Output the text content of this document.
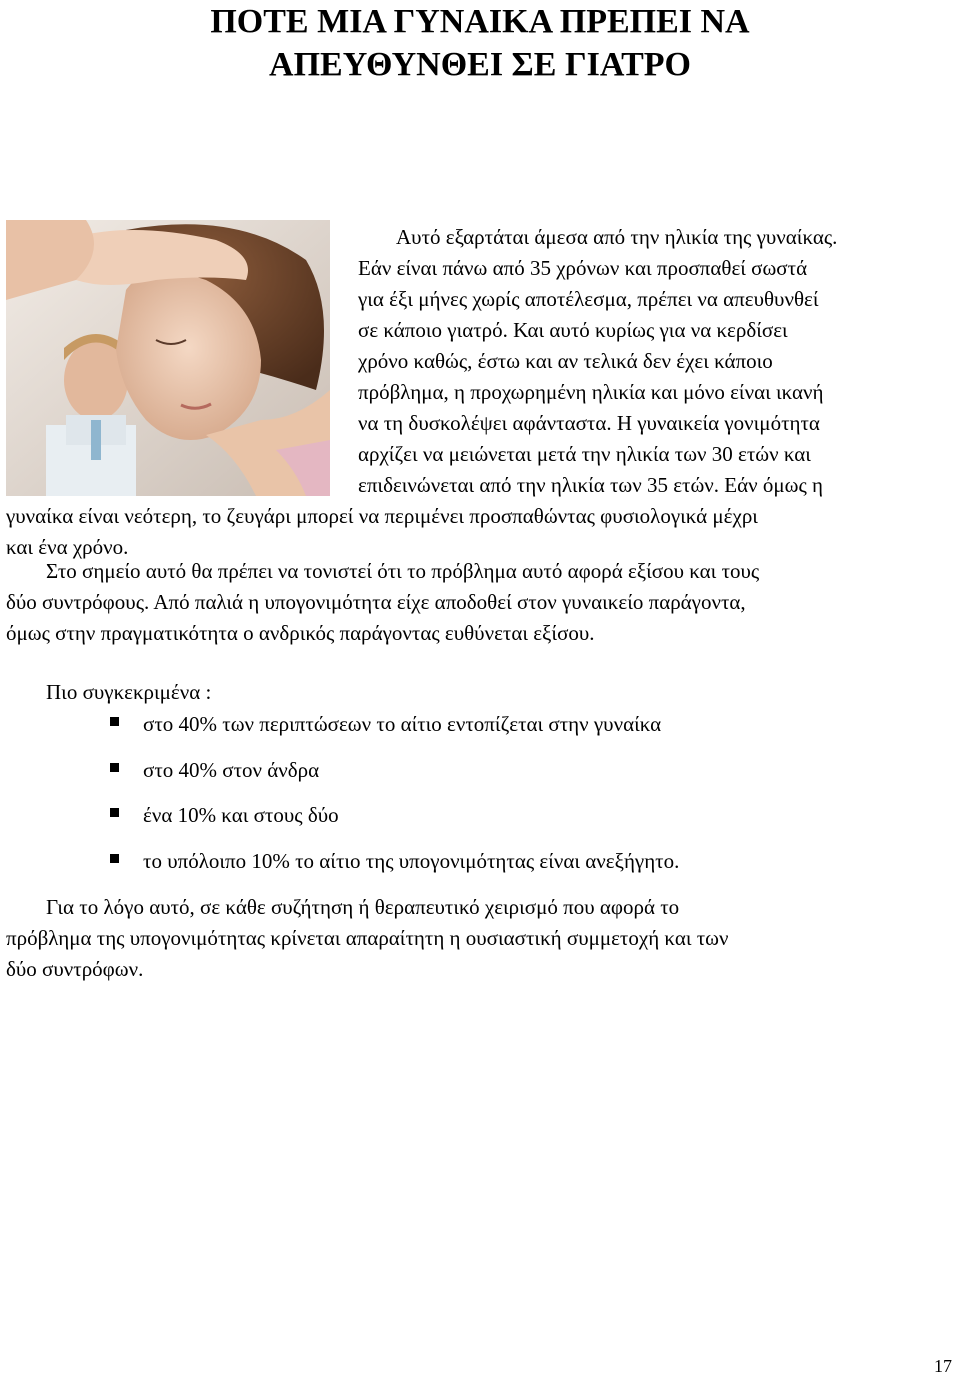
ΠΟΤΕ ΜΙΑ ΓΥΝΑΙΚΑ ΠΡΕΠΕΙ ΝΑ
ΑΠΕΥΘΥΝΘΕΙ ΣΕ ΓΙΑΤΡΟ
Αυτό εξαρτάται άμεσα από την ηλικία της γυναίκας.
Εάν είναι πάνω από 35 χρόνων και προσπαθεί σωστά
για έξι μήνες χωρίς αποτέλεσμα, πρέπει να απευθυνθεί
σε κάποιο γιατρό. Και αυτό κυρίως για να κερδίσει
χρόνο καθώς, έστω και αν τελικά δεν έχει κάποιο
πρόβλημα, η προχωρημένη ηλικία και μόνο είναι ικανή
να τη δυσκολέψει αφάνταστα. Η γυναικεία γονιμότητα
αρχίζει να μειώνεται μετά την ηλικία των 30 ετών και
επιδεινώνεται από την ηλικία των 35 ετών. Εάν όμως η
γυναίκα είναι νεότερη, το ζευγάρι μπορεί να περιμένει προσπαθώντας φυσιολογικά μέχρι
και ένα χρόνο.
Στο σημείο αυτό θα πρέπει να τονιστεί ότι το πρόβλημα αυτό αφορά εξίσου και τους
δύο συντρόφους. Από παλιά η υπογονιμότητα είχε αποδοθεί στον γυναικείο παράγοντα,
όμως στην πραγματικότητα ο ανδρικός παράγοντας ευθύνεται εξίσου.
Πιο συγκεκριμένα :
στο 40% των περιπτώσεων το αίτιο εντοπίζεται στην γυναίκα
στο 40% στον άνδρα
ένα 10% και στους δύο
το υπόλοιπο 10% το αίτιο της υπογονιμότητας είναι ανεξήγητο.
Για το λόγο αυτό, σε κάθε συζήτηση ή θεραπευτικό χειρισμό που αφορά το
πρόβλημα της υπογονιμότητας κρίνεται απαραίτητη η ουσιαστική συμμετοχή και των
δύο συντρόφων.
17
